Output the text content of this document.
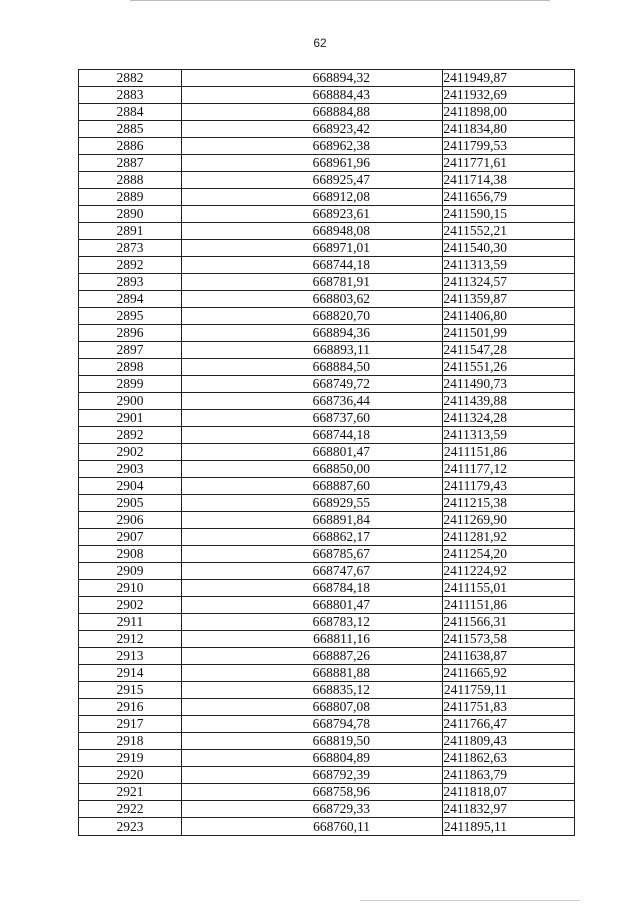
62
2882	668894,32	2411949,87
2883	668884,43	2411932,69
2884	668884,88	2411898,00
2885	668923,42	2411834,80
2886	668962,38	2411799,53
2887	668961,96	2411771,61
2888	668925,47	2411714,38
2889	668912,08	2411656,79
2890	668923,61	2411590,15
2891	668948,08	2411552,21
2873	668971,01	2411540,30
2892	668744,18	2411313,59
2893	668781,91	2411324,57
2894	668803,62	2411359,87
2895	668820,70	2411406,80
2896	668894,36	2411501,99
2897	668893,11	2411547,28
2898	668884,50	2411551,26
2899	668749,72	2411490,73
2900	668736,44	2411439,88
2901	668737,60	2411324,28
2892	668744,18	2411313,59
2902	668801,47	2411151,86
2903	668850,00	2411177,12
2904	668887,60	2411179,43
2905	668929,55	2411215,38
2906	668891,84	2411269,90
2907	668862,17	2411281,92
2908	668785,67	2411254,20
2909	668747,67	2411224,92
2910	668784,18	2411155,01
2902	668801,47	2411151,86
2911	668783,12	2411566,31
2912	668811,16	2411573,58
2913	668887,26	2411638,87
2914	668881,88	2411665,92
2915	668835,12	2411759,11
2916	668807,08	2411751,83
2917	668794,78	2411766,47
2918	668819,50	2411809,43
2919	668804,89	2411862,63
2920	668792,39	2411863,79
2921	668758,96	2411818,07
2922	668729,33	2411832,97
2923	668760,11	2411895,11
